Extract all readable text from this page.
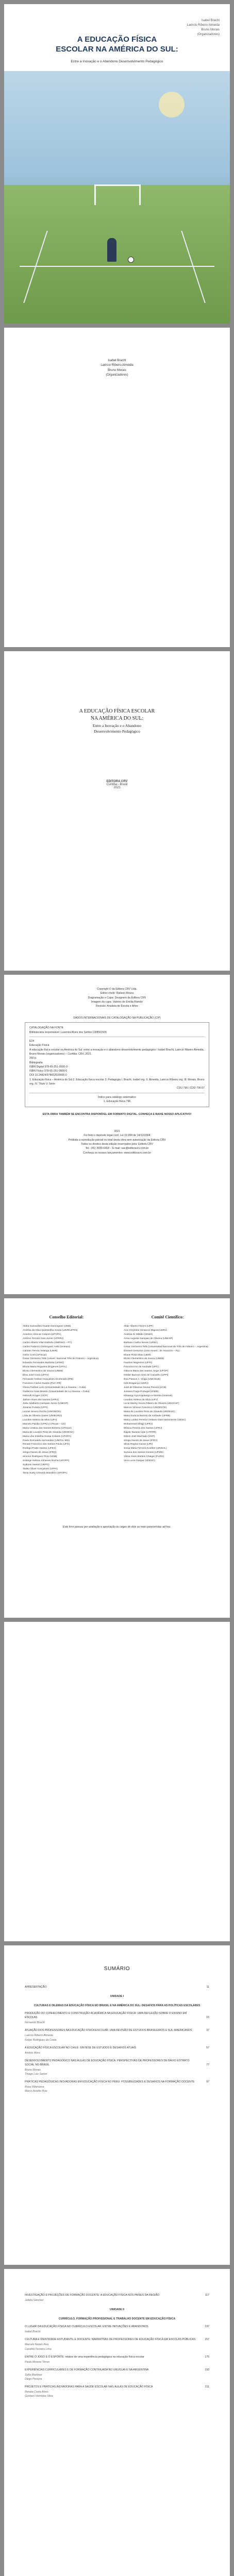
Isabel Bracht
Laércio Ribeiro Almeida
Bruno Morais
(Organizadores)
A EDUCAÇÃO FÍSICA
ESCOLAR NA AMÉRICA DO SUL:
Entre a Inovação e o Abandono Desenvolvimento Pedagógico
Isabel Bracht
Laércio Ribeiro Almeida
Bruno Morais
(Organizadores)
A EDUCAÇÃO FÍSICA ESCOLAR
NA AMÉRICA DO SUL:
Entre a Inovação e o Abandono
Desenvolvimento Pedagógico
EDITORA CRV
Curitiba - Brasil
2021
Copyright © da Editora CRV Ltda.
Editor-chefe: Railson Moura
Diagramação e Capa: Designers da Editora CRV
Imagem da capa: Valores de Emília Ramão
Revisão: Analista de Escrita e Artes
DADOS INTERNACIONAIS DE CATALOGAÇÃO NA PUBLICAÇÃO (CIP)
CATALOGAÇÃO NA FONTE
Bibliotecária responsável: Luzenira Alves dos Santos CRB9/1506
E24
Educação Física
A educação física escolar na América do Sul: entre a inovação e o abandono desenvolvimento pedagógico / Isabel Bracht, Laércio Ribeiro Almeida, Bruno Morais (organizadores) – Curitiba: CRV, 2021.
260 p.
Bibliografia
ISBN Digital 978-65-251-0000-0
ISBN Físico 978-65-251-0000-0
DOI 10.24824/978652510000.0
1. Educação física – América do Sul 2. Educação física escolar 3. Pedagogia I. Bracht, Isabel org. II. Almeida, Laércio Ribeiro org. III. Morais, Bruno org. IV. Título V. Série
CDU 796 | CDD 796.07
Índice para catálogo sistemático
1. Educação física 796
ESTA OBRA TAMBÉM SE ENCONTRA DISPONÍVEL EM FORMATO DIGITAL. CONHEÇA E BAIXE NOSSO APLICATIVO!
2021
Foi feito o depósito legal conf. Lei 10.994 de 14/12/2004
Proibida a reprodução parcial ou total desta obra sem autorização da Editora CRV
Todos os direitos desta edição reservados pela: Editora CRV
Tel.: (41) 3039-6418 – E-mail: sac@editoracrv.com.br
Conheça os nossos lançamentos: www.editoracrv.com.br
Conselho Editorial:
Aldira Guimarães Duarte Domínguez (UNB)
Andréia da Silva Quintanilha Sousa (UNIR/UFRN)
Anselmo Alencar Colares (UFOPA)
Antônio Pereira Gaio Júnior (UFRRJ)
Carlos Alberto Vilar Estêvão (UMINHO – PT)
Carlos Federico Dominguez Avila (Unieuro)
Carmen Tereza Velanga (UNIR)
Celso Conti (UFSCar)
Cesar Gerónimo Tello (Univer .Nacional Três de Febrero – Argentina)
Eduardo Fernandes Barbosa (UFMG)
Elione Maria Nogueira Diogenes (UFAL)
Elizeu Clementino de Souza (UNEB)
Élsio José Corá (UFFS)
Fernando Antônio Gonçalves Alcoforado (IPB)
Francisco Carlos Duarte (PUC-PR)
Gloria Fariñas León (Universidade de La Havana – Cuba)
Guillermo Arias Beatón (Universidade de La Havana – Cuba)
Helmuth Krüger (UCP)
Jailson Alves dos Santos (UFRJ)
João Adalberto Campato Junior (UNESP)
Josania Portela (UFPI)
Leonel Severo Rocha (UNISINOS)
Lídia de Oliveira Xavier (UNIEURO)
Lourdes Helena da Silva (UFV)
Marcelo Paixão (UFRJ e UTexas – US)
Maria Cristina dos Santos Bezerra (UFSCar)
Maria de Lourdes Pinto de Almeida (UNOESC)
Maria Lília Imbiriba Sousa Colares (UFOPA)
Paulo Romualdo Hernandes (UNIFAL-MG)
Renato Francisco dos Santos Paula (UFG)
Rodrigo Pratte-Santos (UFES)
Sérgio Nunes de Jesus (IFRO)
Simone Rodrigues Pinto (UNB)
Solange Helena Ximenes-Rocha (UFOPA)
Sydione Santos (UEPG)
Tadeu Oliver Gonçalves (UFPA)
Tania Suely Azevedo Brasileiro (UFOPA)
Comitê Científico:
Altair Alberto Fávero (UPF)
Ana Chrystina Venancio Mignot (UERJ)
Andréia N. Militão (UEMS)
Anna Augusta Sampaio de Oliveira (UNESP)
Barbara Coelho Neves (UFBA)
Cesar Gerónimo Tello (Universidad Nacional de Três de Febrero – Argentina)
Diosnel Centurion (Univ Americ. de Asunción – Py)
Eliane Rose Maio (UEM)
Elizeu Clementino de Souza (UNEB)
Fauston Negreiros (UFPI)
Francisco Ari de Andrade (UFC)
Gláucia Maria dos Santos Jorge (UFOP)
Helder Buenos Aires de Carvalho (UFPI)
Ilma Passos A. Veiga (UNICEUB)
Inês Bragança (UERJ)
José de Ribamar Sousa Pereira (UCB)
Jussara Fraga Portugal (UNEB)
Kilwangy Kya Kapitango-a-Samba (Unemat)
Lourdes Helena da Silva (UFV)
Lucia Marisy Souza Ribeiro de Oliveira (UNIVASF)
Marcos Vinicius Francisco (UNOESTE)
Maria de Lourdes Pinto de Almeida (UNOESC)
Maria Eurácia Barreto de Andrade (UFRB)
Maria Lurdes Pereira Cristiano Dias Nascimento (UESC)
Mohammed Elhajji (UFRJ)
Mônica Pereira dos Santos (UFRJ)
Najela Tavares Ujiie (UTFPR)
Nilson José Machado (USP)
Sérgio Nunes de Jesus (IFRO)
Silvia Regina Canan (URI)
Sonia Maria Ferreira Koehler (UNISAL)
Suzana dos Santos Gomes (UFMG)
Vânia Alves Martins Chaigar (FURG)
Vera Lucia Gaspar (UDESC)
Este livro passou por avaliação e aprovação às cegas de dois ou mais pareceristas ad hoc.
SUMÁRIO
APRESENTAÇÃO	11
UNIDADE I
CULTURAS E DILEMAS DA EDUCAÇÃO FÍSICA NO BRASIL E NA AMÉRICA DO SUL: DESAFIOS PARA AS POLÍTICAS ESCOLARES
PRODUÇÃO DO CONHECIMENTO E CONSTRUÇÃO ACADÊMICA NA EDUCAÇÃO FÍSICA: UMA REFLEXÃO SOBRE O ENSINO EM ESCOLAS	15
Fernando Bracht
ATUAÇÃO DOS PROFESSORES NA EDUCAÇÃO FÍSICA ESCOLAR: UMA REVISÃO DE ESTUDOS BRASILEIROS E SUL-AMERICANOS	37
Laércio Ribeiro Almeida
Felipe Rodrigues da Costa
A EDUCAÇÃO FÍSICA ESCOLAR NO CHILE: SÍNTESE DE ESTUDOS E DESAFIOS ATUAIS	57
Andrés Mora
DESENVOLVIMENTO PEDAGÓGICO NAS AULAS DE EDUCAÇÃO FÍSICA: PERSPECTIVAS DE PROFESSORES DE BAIXO ESTRATO SOCIAL NO BRASIL	77
Bruno Morais
Thiago Luiz Sartori
PRÁTICAS PEDAGÓGICAS INOVADORAS EM EDUCAÇÃO FÍSICA NO PERU: POSSIBILIDADES E DESAFIOS NA FORMAÇÃO DOCENTE	97
Rosa Villanueva
Marco Aurélio Ruiz
INVESTIGAÇÃO E PROJEÇÕES DE FORMAÇÃO DOCENTE: A EDUCAÇÃO FÍSICA NOS PAÍSES DA REGIÃO	117
Julieta Sánchez
UNIDADE II
CURRÍCULO, FORMAÇÃO PROFISSIONAL E TRABALHO DOCENTE EM EDUCAÇÃO FÍSICA
O LUGAR DA EDUCAÇÃO FÍSICA NO CURRÍCULO ESCOLAR: ENTRE INOVAÇÕES E ABANDONOS	137
Isabel Bracht
CULTURA E IDENTIDADE ESTUDANTIL E DOCENTE: NARRATIVAS DE PROFESSORES DE EDUCAÇÃO FÍSICA EM ESCOLAS PÚBLICAS	157
Marcelo Nunes Reis
Carolina Ferreira Lima
ENTRE O JOGO E O ESPORTE: relatos de uma experiência pedagógica na educação física escolar	175
Paula Moreira Torres
EXPERIÊNCIAS CURRICULARES E DE FORMAÇÃO CONTINUADA NO URUGUAI E NA ARGENTINA	193
Sofía Martínez
Diego Pereyra
PROJETOS E PRÁTICAS INOVADORAS PARA A SAÚDE ESCOLAR NAS AULAS DE EDUCAÇÃO FÍSICA	211
Renata Costa Alves
Gustavo Henrique Silva
